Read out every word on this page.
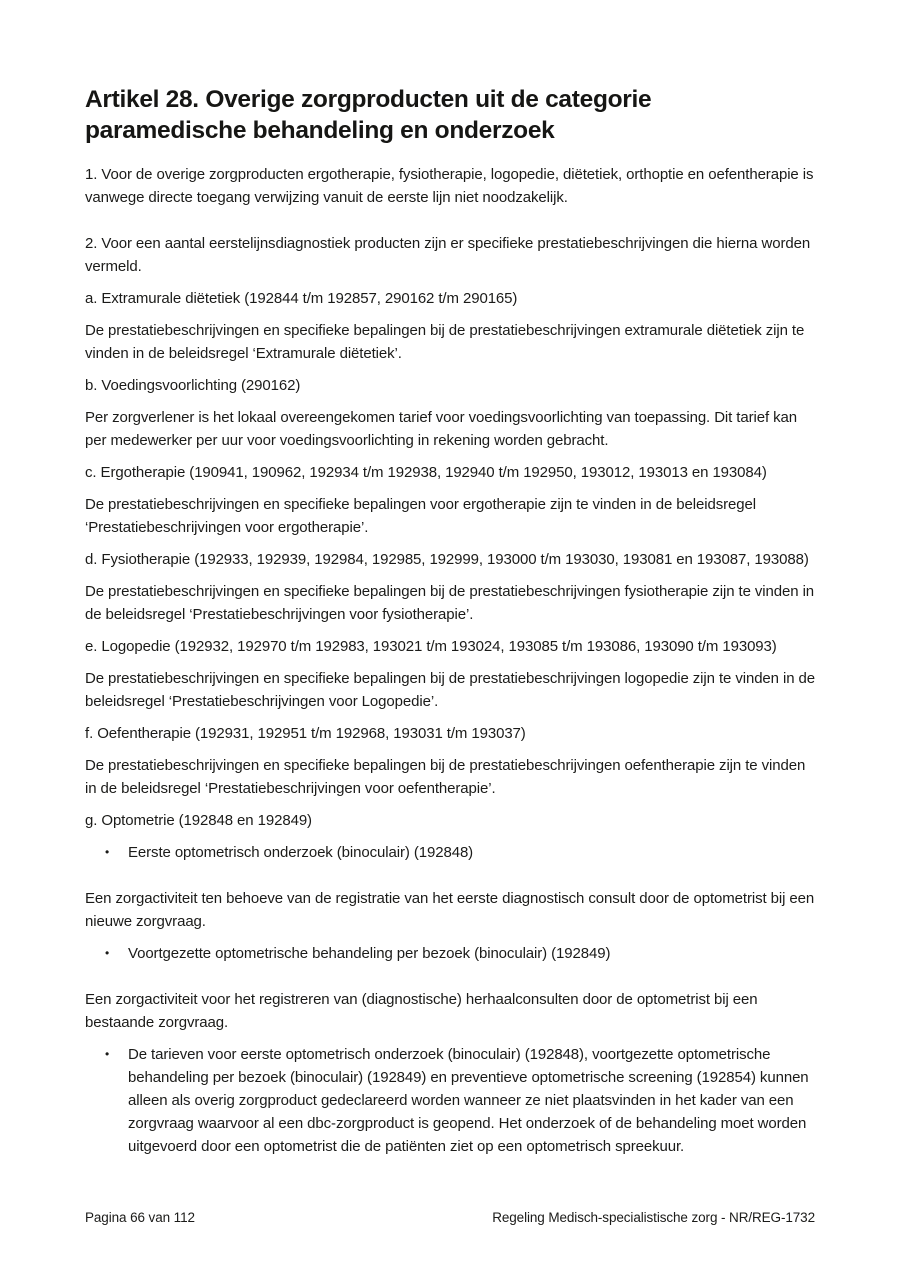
Artikel 28. Overige zorgproducten uit de categorie paramedische behandeling en onderzoek
1. Voor de overige zorgproducten ergotherapie, fysiotherapie, logopedie, diëtetiek, orthoptie en oefentherapie is vanwege directe toegang verwijzing vanuit de eerste lijn niet noodzakelijk.
2. Voor een aantal eerstelijnsdiagnostiek producten zijn er specifieke prestatiebeschrijvingen die hierna worden vermeld.
a. Extramurale diëtetiek (192844 t/m 192857, 290162 t/m 290165)
De prestatiebeschrijvingen en specifieke bepalingen bij de prestatiebeschrijvingen extramurale diëtetiek zijn te vinden in de beleidsregel ‘Extramurale diëtetiek’.
b. Voedingsvoorlichting (290162)
Per zorgverlener is het lokaal overeengekomen tarief voor voedingsvoorlichting van toepassing. Dit tarief kan per medewerker per uur voor voedingsvoorlichting in rekening worden gebracht.
c. Ergotherapie (190941, 190962, 192934 t/m 192938, 192940 t/m 192950, 193012, 193013 en 193084)
De prestatiebeschrijvingen en specifieke bepalingen voor ergotherapie zijn te vinden in de beleidsregel ‘Prestatiebeschrijvingen voor ergotherapie’.
d. Fysiotherapie (192933, 192939, 192984, 192985, 192999, 193000 t/m 193030, 193081 en 193087, 193088)
De prestatiebeschrijvingen en specifieke bepalingen bij de prestatiebeschrijvingen fysiotherapie zijn te vinden in de beleidsregel ‘Prestatiebeschrijvingen voor fysiotherapie’.
e. Logopedie (192932, 192970 t/m 192983, 193021 t/m 193024, 193085 t/m 193086, 193090 t/m 193093)
De prestatiebeschrijvingen en specifieke bepalingen bij de prestatiebeschrijvingen logopedie zijn te vinden in de beleidsregel ‘Prestatiebeschrijvingen voor Logopedie’.
f. Oefentherapie (192931, 192951 t/m 192968, 193031 t/m 193037)
De prestatiebeschrijvingen en specifieke bepalingen bij de prestatiebeschrijvingen oefentherapie zijn te vinden in de beleidsregel ‘Prestatiebeschrijvingen voor oefentherapie’.
g. Optometrie (192848 en 192849)
•	Eerste optometrisch onderzoek (binoculair) (192848)
Een zorgactiviteit ten behoeve van de registratie van het eerste diagnostisch consult door de optometrist bij een nieuwe zorgvraag.
•	Voortgezette optometrische behandeling per bezoek (binoculair) (192849)
Een zorgactiviteit voor het registreren van (diagnostische) herhaalconsulten door de optometrist bij een bestaande zorgvraag.
•	De tarieven voor eerste optometrisch onderzoek (binoculair) (192848), voortgezette optometrische behandeling per bezoek (binoculair) (192849) en preventieve optometrische screening (192854) kunnen alleen als overig zorgproduct gedeclareerd worden wanneer ze niet plaatsvinden in het kader van een zorgvraag waarvoor al een dbc-zorgproduct is geopend. Het onderzoek of de behandeling moet worden uitgevoerd door een optometrist die de patiënten ziet op een optometrisch spreekuur.
Pagina 66 van 112	Regeling Medisch-specialistische zorg - NR/REG-1732
